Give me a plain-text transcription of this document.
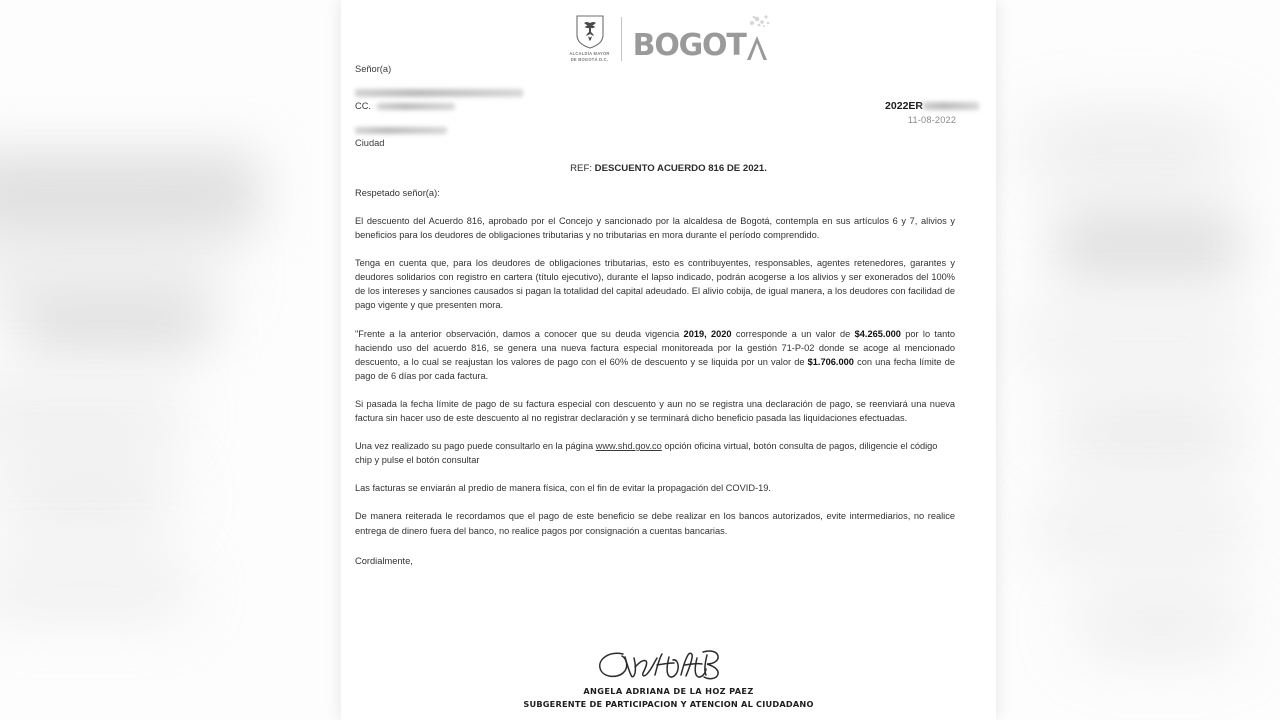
ALCALDÍA MAYOR
DE BOGOTÁ D.C. BOGOT
Señor(a)
CC.
Ciudad
2022ER
11-08-2022
REF: DESCUENTO ACUERDO 816 DE 2021.
Respetado señor(a):

El descuento del Acuerdo 816, aprobado por el Concejo y sancionado por la alcaldesa de Bogotá, contempla en sus artículos 6 y 7, alivios y beneficios para los deudores de obligaciones tributarias y no tributarias en mora durante el período comprendido.

Tenga en cuenta que, para los deudores de obligaciones tributarias, esto es contribuyentes, responsables, agentes retenedores, garantes y deudores solidarios con registro en cartera (título ejecutivo), durante el lapso indicado, podrán acogerse a los alivios y ser exonerados del 100% de los intereses y sanciones causados si pagan la totalidad del capital adeudado. El alivio cobija, de igual manera, a los deudores con facilidad de pago vigente y que presenten mora.

"Frente a la anterior observación, damos a conocer que su deuda vigencia 2019, 2020 corresponde a un valor de $4.265.000 por lo tanto haciendo uso del acuerdo 816, se genera una nueva factura especial monitoreada por la gestión 71-P-02 donde se acoge al mencionado descuento, a lo cual se reajustan los valores de pago con el 60% de descuento y se liquida por un valor de $1.706.000 con una fecha límite de pago de 6 días por cada factura.

Si pasada la fecha límite de pago de su factura especial con descuento y aun no se registra una declaración de pago, se reenviará una nueva factura sin hacer uso de este descuento al no registrar declaración y se terminará dicho beneficio pasada las liquidaciones efectuadas.

Una vez realizado su pago puede consultarlo en la página www.shd.gov.co opción oficina virtual, botón consulta de pagos, diligencie el código chip y pulse el botón consultar

Las facturas se enviarán al predio de manera física, con el fin de evitar la propagación del COVID-19.

De manera reiterada le recordamos que el pago de este beneficio se debe realizar en los bancos autorizados, evite intermediarios, no realice entrega de dinero fuera del banco, no realice pagos por consignación a cuentas bancarias.

Cordialmente,
ANGELA ADRIANA DE LA HOZ PAEZ
SUBGERENTE DE PARTICIPACION Y ATENCION AL CIUDADANO
